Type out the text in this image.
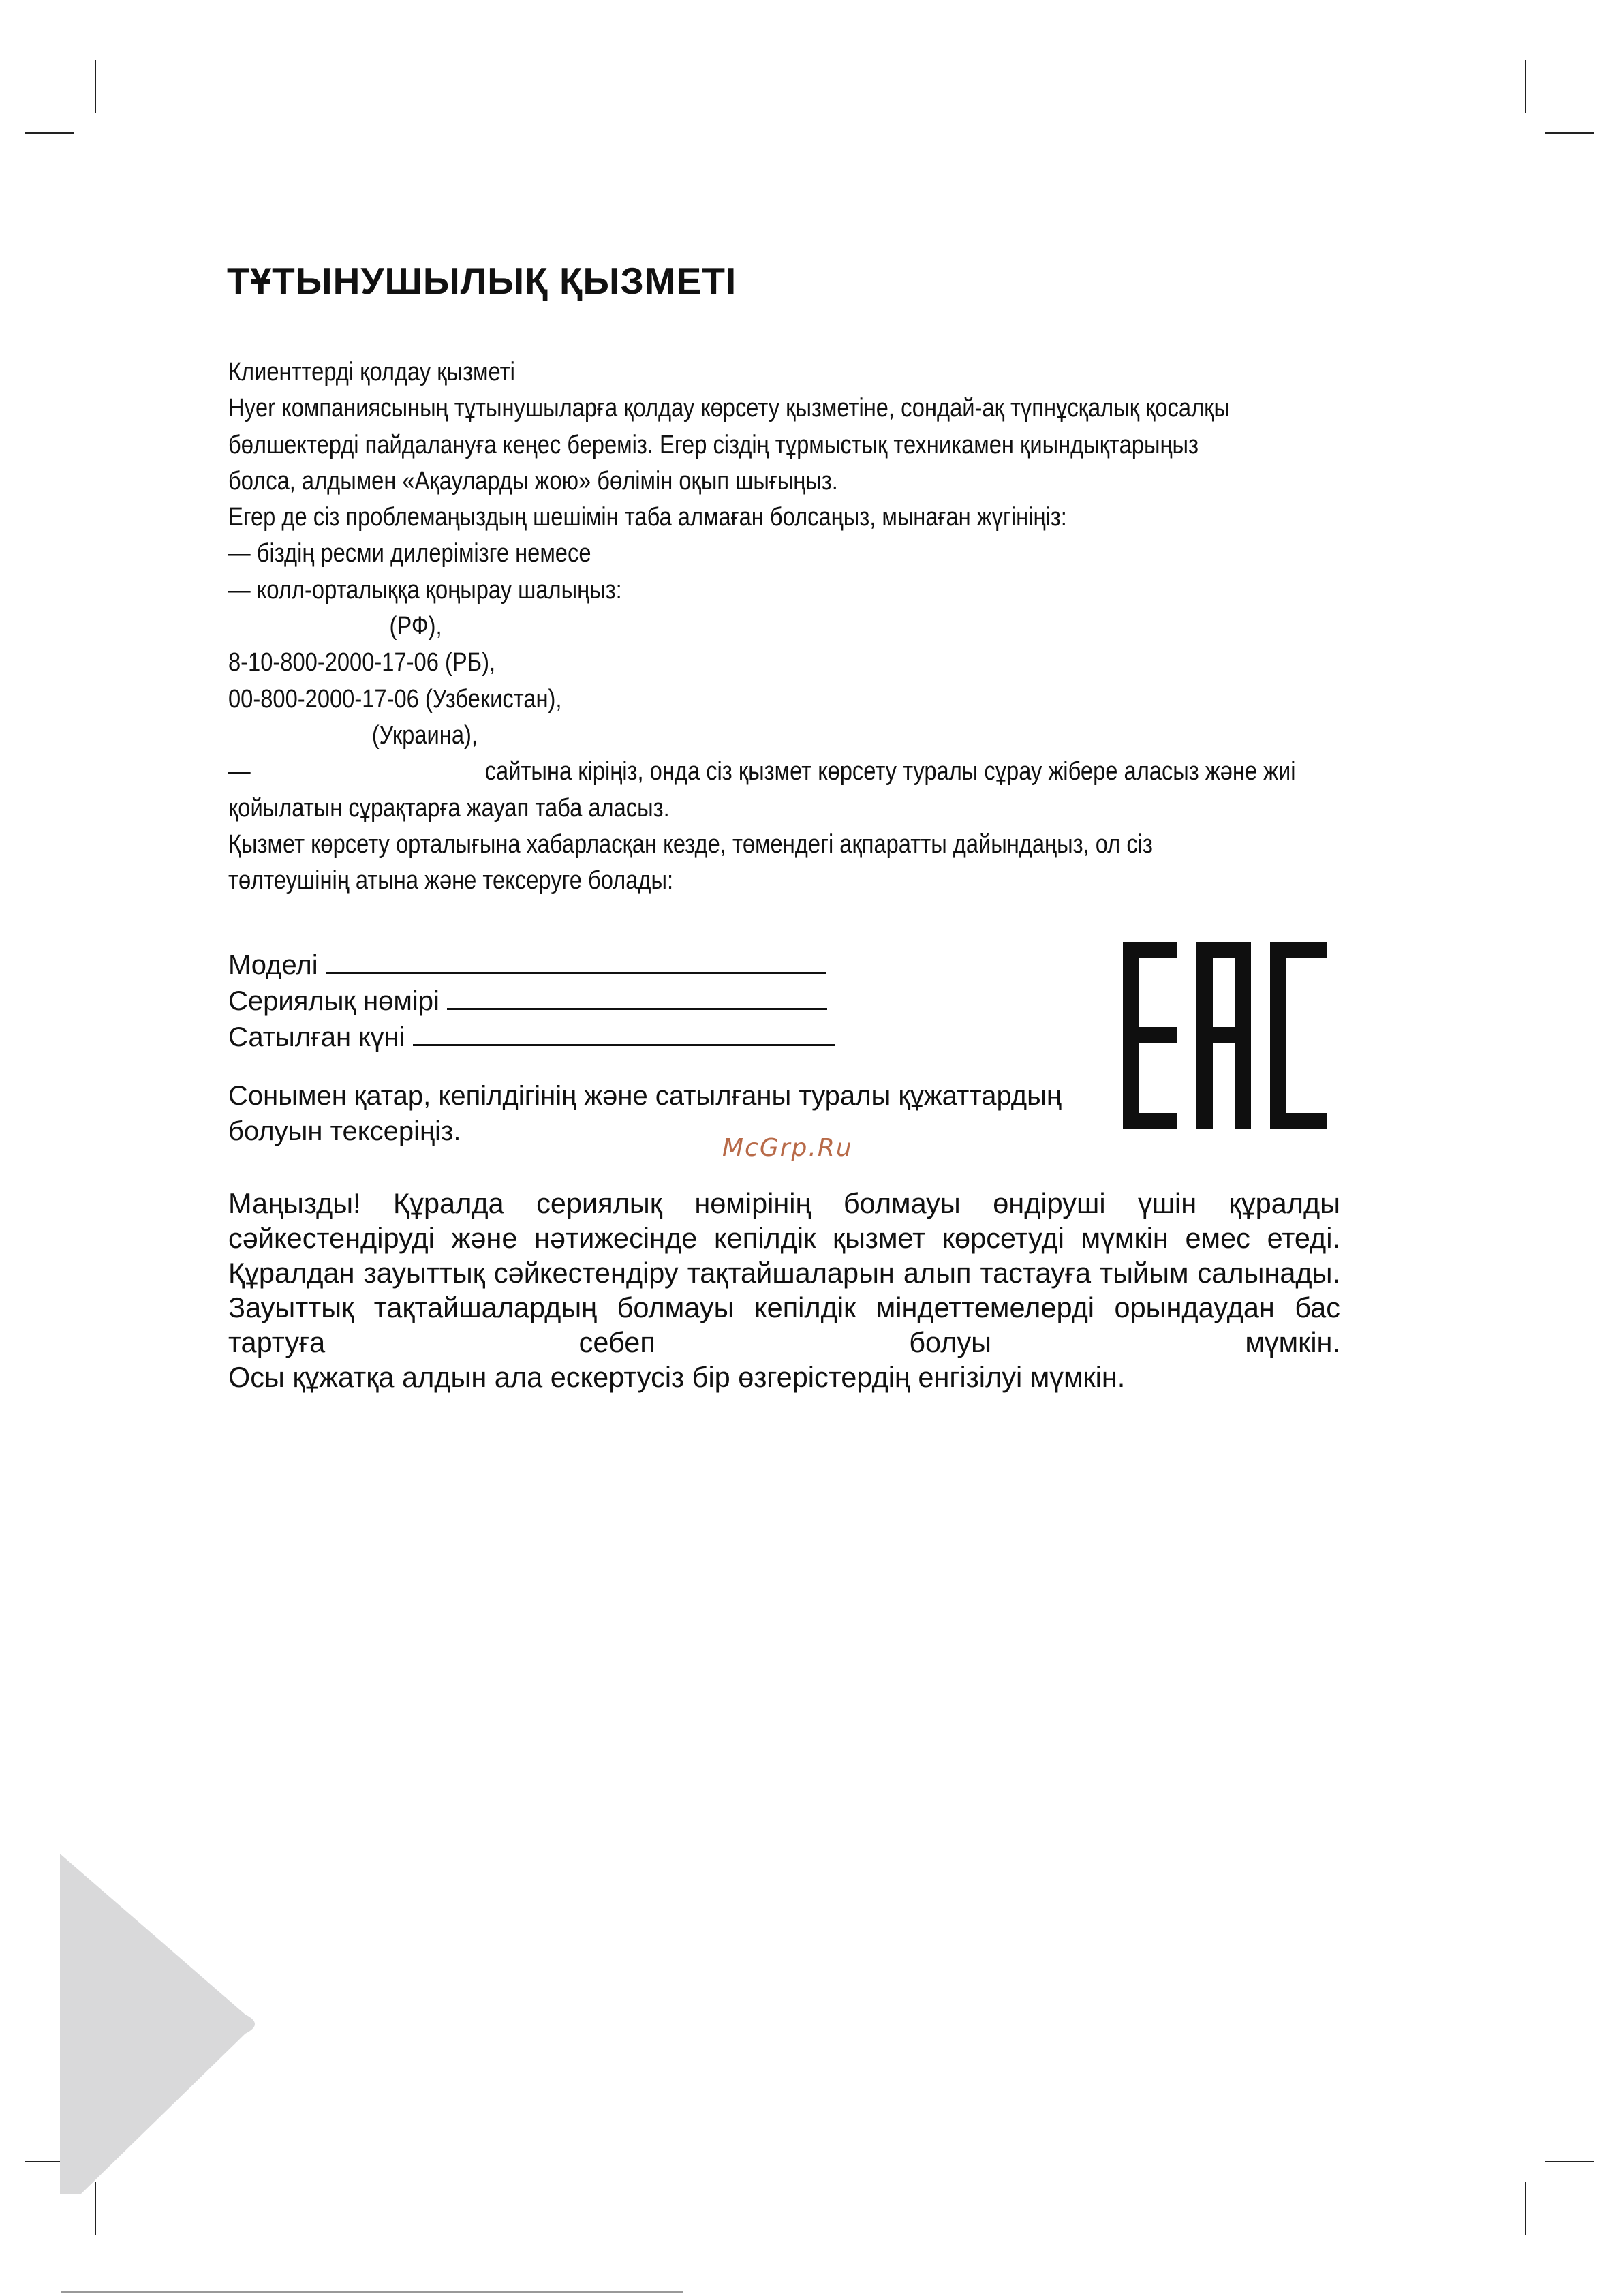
ТҰТЫНУШЫЛЫҚ ҚЫЗМЕТІ
Клиенттерді қолдау қызметі
Hyer компаниясының тұтынушыларға қолдау көрсету қызметіне, сондай-ақ түпнұсқалық қосалқы
бөлшектерді пайдалануға кеңес береміз. Егер сіздің тұрмыстық техникамен қиындықтарыңыз
болса, алдымен «Ақауларды жою» бөлімін оқып шығыңыз.
Егер де сіз проблемаңыздың шешімін таба алмаған болсаңыз, мынаған жүгініңіз:
— біздің ресми дилерімізге немесе
— колл-орталыққа қоңырау шалыңыз:
(РФ),
8-10-800-2000-17-06 (РБ),
00-800-2000-17-06 (Узбекистан),
(Украина),
—	сайтына кіріңіз, онда сіз қызмет көрсету туралы сұрау жібере аласыз және жиі
қойылатын сұрақтарға жауап таба аласыз.
Қызмет көрсету орталығына хабарласқан кезде, төмендегі ақпаратты дайындаңыз, ол сіз
төлтеушінің атына және тексеруге болады:
Моделі
Сериялық нөмірі
Сатылған күні
Сонымен қатар, кепілдігінің және сатылғаны туралы құжаттардың
болуын тексеріңіз.
McGrp.Ru

Маңызды! Құралда сериялық нөмірінің болмауы өндіруші үшін құралды сәйкестендіруді және нәтижесінде кепілдік қызмет көрсетуді мүмкін емес етеді. Құралдан зауыттық сәйкестендіру тақтайшаларын алып тастауға тыйым салынады. Зауыттық тақтайшалардың болмауы кепілдік міндеттемелерді орындаудан бас тартуға себеп болуы мүмкін.

Осы құжатқа алдын ала ескертусіз бір өзгерістердің енгізілуі мүмкін.
